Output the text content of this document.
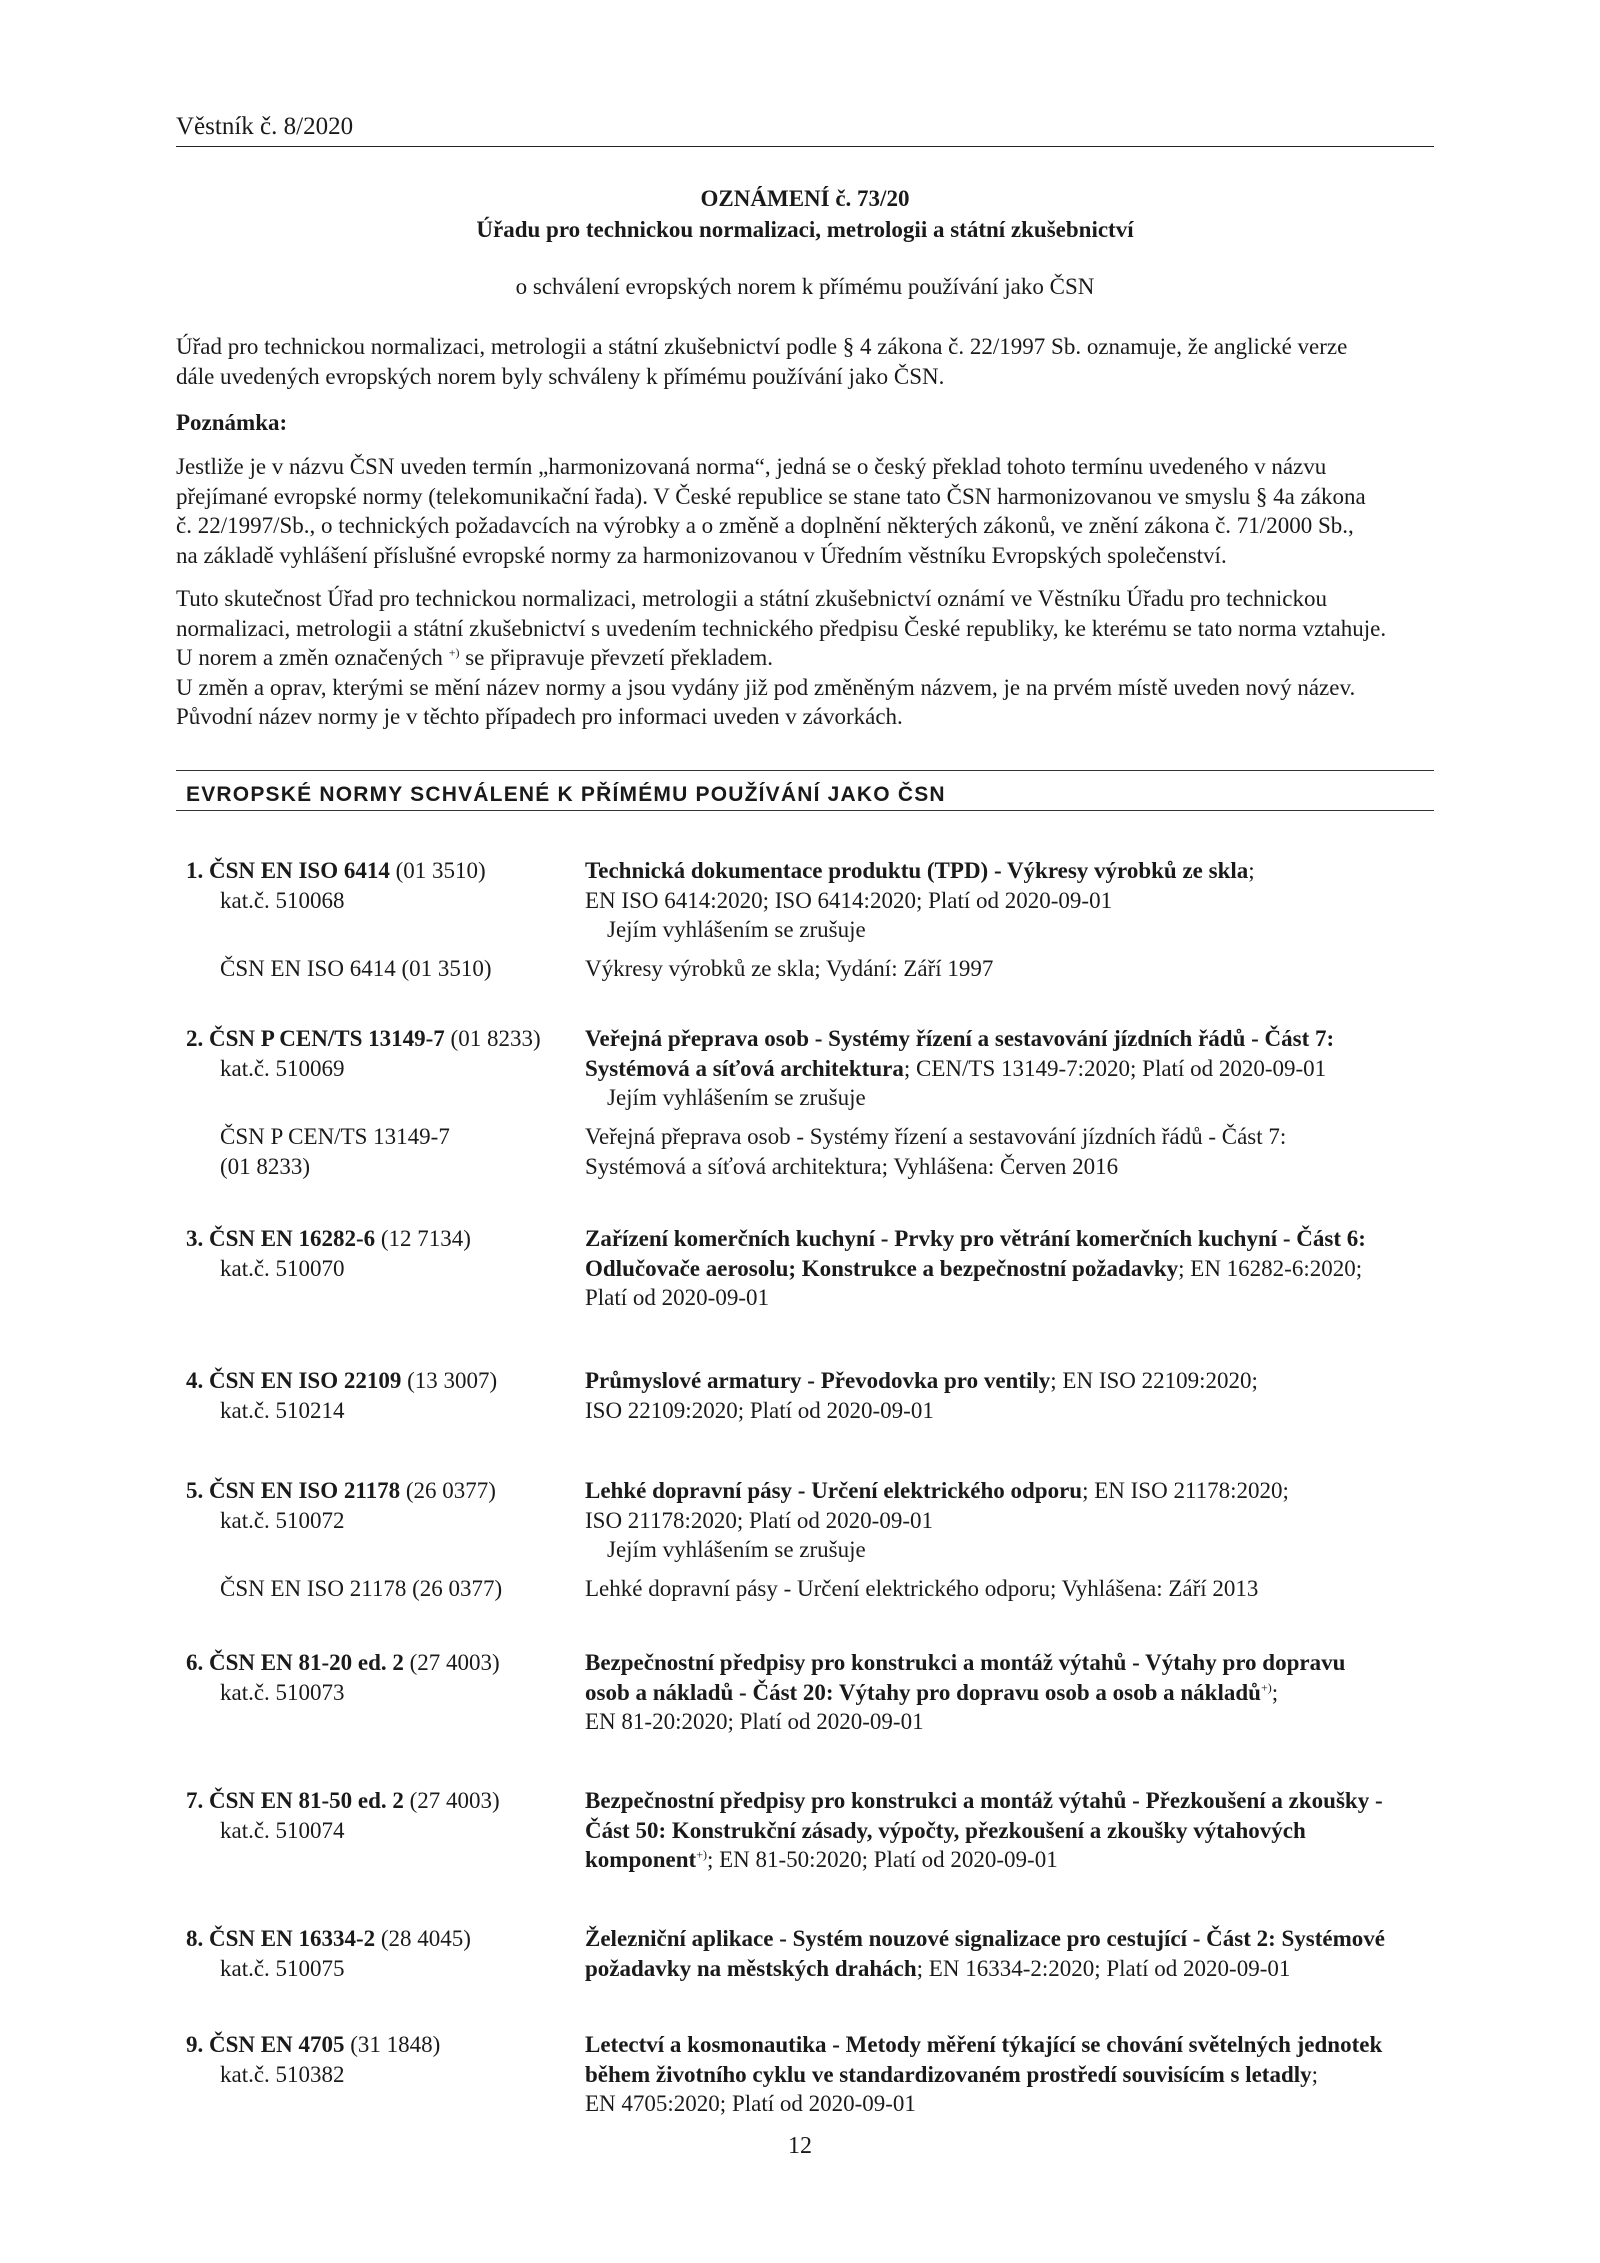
Věstník č. 8/2020
OZNÁMENÍ č. 73/20
Úřadu pro technickou normalizaci, metrologii a státní zkušebnictví
o schválení evropských norem k přímému používání jako ČSN

Úřad pro technickou normalizaci, metrologii a státní zkušebnictví podle § 4 zákona č. 22/1997 Sb. oznamuje, že anglické verze

dále uvedených evropských norem byly schváleny k přímému používání jako ČSN.

Poznámka:

Jestliže je v názvu ČSN uveden termín „harmonizovaná norma“, jedná se o český překlad tohoto termínu uvedeného v názvu

přejímané evropské normy (telekomunikační řada). V České republice se stane tato ČSN harmonizovanou ve smyslu § 4a zákona

č. 22/1997/Sb., o technických požadavcích na výrobky a o změně a doplnění některých zákonů, ve znění zákona č. 71/2000 Sb.,

na základě vyhlášení příslušné evropské normy za harmonizovanou v Úředním věstníku Evropských společenství.

Tuto skutečnost Úřad pro technickou normalizaci, metrologii a státní zkušebnictví oznámí ve Věstníku Úřadu pro technickou

normalizaci, metrologii a státní zkušebnictví s uvedením technického předpisu České republiky, ke kterému se tato norma vztahuje.

U norem a změn označených +) se připravuje převzetí překladem.

U změn a oprav, kterými se mění název normy a jsou vydány již pod změněným názvem, je na prvém místě uveden nový název.

Původní název normy je v těchto případech pro informaci uveden v závorkách.

EVROPSKÉ NORMY SCHVÁLENÉ K PŘÍMÉMU POUŽÍVÁNÍ JAKO ČSN
1. ČSN EN ISO 6414 (01 3510)
kat.č. 510068
Technická dokumentace produktu (TPD) - Výkresy výrobků ze skla;
EN ISO 6414:2020; ISO 6414:2020; Platí od 2020-09-01
Jejím vyhlášením se zrušuje
ČSN EN ISO 6414 (01 3510)	Výkresy výrobků ze skla; Vydání: Září 1997
2. ČSN P CEN/TS 13149-7 (01 8233)
kat.č. 510069
Veřejná přeprava osob - Systémy řízení a sestavování jízdních řádů - Část 7:
Systémová a síťová architektura; CEN/TS 13149-7:2020; Platí od 2020-09-01
Jejím vyhlášením se zrušuje
ČSN P CEN/TS 13149-7
(01 8233)
Veřejná přeprava osob - Systémy řízení a sestavování jízdních řádů - Část 7:
Systémová a síťová architektura; Vyhlášena: Červen 2016
3. ČSN EN 16282-6 (12 7134)
kat.č. 510070
Zařízení komerčních kuchyní - Prvky pro větrání komerčních kuchyní - Část 6:
Odlučovače aerosolu; Konstrukce a bezpečnostní požadavky; EN 16282-6:2020;
Platí od 2020-09-01
4. ČSN EN ISO 22109 (13 3007)
kat.č. 510214
Průmyslové armatury - Převodovka pro ventily; EN ISO 22109:2020;
ISO 22109:2020; Platí od 2020-09-01
5. ČSN EN ISO 21178 (26 0377)
kat.č. 510072
Lehké dopravní pásy - Určení elektrického odporu; EN ISO 21178:2020;
ISO 21178:2020; Platí od 2020-09-01
Jejím vyhlášením se zrušuje
ČSN EN ISO 21178 (26 0377)	Lehké dopravní pásy - Určení elektrického odporu; Vyhlášena: Září 2013
6. ČSN EN 81-20 ed. 2 (27 4003)
kat.č. 510073
Bezpečnostní předpisy pro konstrukci a montáž výtahů - Výtahy pro dopravu
osob a nákladů - Část 20: Výtahy pro dopravu osob a osob a nákladů+);
EN 81-20:2020; Platí od 2020-09-01
7. ČSN EN 81-50 ed. 2 (27 4003)
kat.č. 510074
Bezpečnostní předpisy pro konstrukci a montáž výtahů - Přezkoušení a zkoušky -
Část 50: Konstrukční zásady, výpočty, přezkoušení a zkoušky výtahových
komponent+); EN 81-50:2020; Platí od 2020-09-01
8. ČSN EN 16334-2 (28 4045)
kat.č. 510075
Železniční aplikace - Systém nouzové signalizace pro cestující - Část 2: Systémové
požadavky na městských drahách; EN 16334-2:2020; Platí od 2020-09-01
9. ČSN EN 4705 (31 1848)
kat.č. 510382
Letectví a kosmonautika - Metody měření týkající se chování světelných jednotek
během životního cyklu ve standardizovaném prostředí souvisícím s letadly;
EN 4705:2020; Platí od 2020-09-01
12
